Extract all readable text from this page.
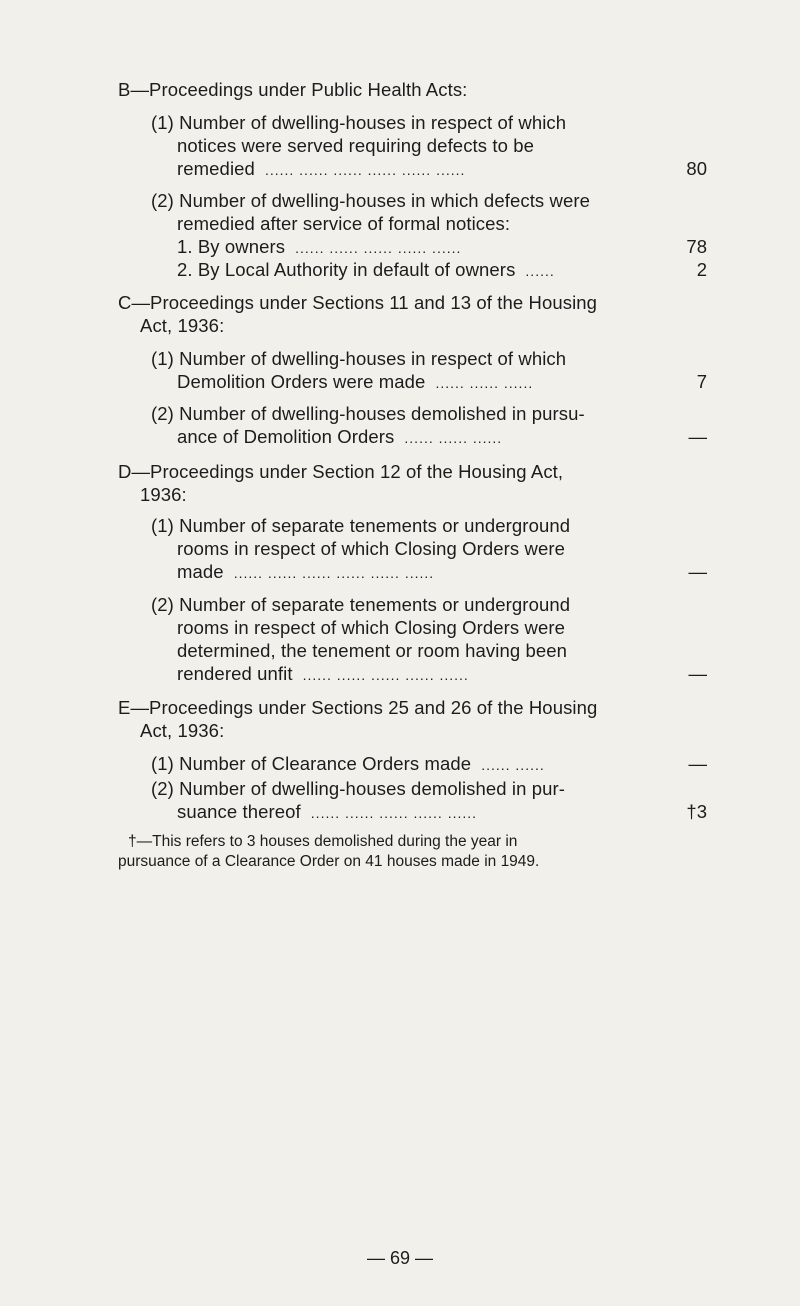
B—Proceedings under Public Health Acts:
(1) Number of dwelling-houses in respect of which
notices were served requiring defects to be
remedied ...... ...... ...... ...... ...... ......	80
(2) Number of dwelling-houses in which defects were
remedied after service of formal notices:
1. By owners ...... ...... ...... ...... ......	78
2. By Local Authority in default of owners ......	2
C—Proceedings under Sections 11 and 13 of the Housing
Act, 1936:
(1) Number of dwelling-houses in respect of which
Demolition Orders were made ...... ...... ......	7
(2) Number of dwelling-houses demolished in pursu-
ance of Demolition Orders ...... ...... ......	—
D—Proceedings under Section 12 of the Housing Act,
1936:
(1) Number of separate tenements or underground
rooms in respect of which Closing Orders were
made ...... ...... ...... ...... ...... ......	—
(2) Number of separate tenements or underground
rooms in respect of which Closing Orders were
determined, the tenement or room having been
rendered unfit ...... ...... ...... ...... ......	—
E—Proceedings under Sections 25 and 26 of the Housing
Act, 1936:
(1) Number of Clearance Orders made ...... ......	—
(2) Number of dwelling-houses demolished in pur-
suance thereof ...... ...... ...... ...... ......	†3
†—This refers to 3 houses demolished during the year in
pursuance of a Clearance Order on 41 houses made in 1949.
— 69 —
